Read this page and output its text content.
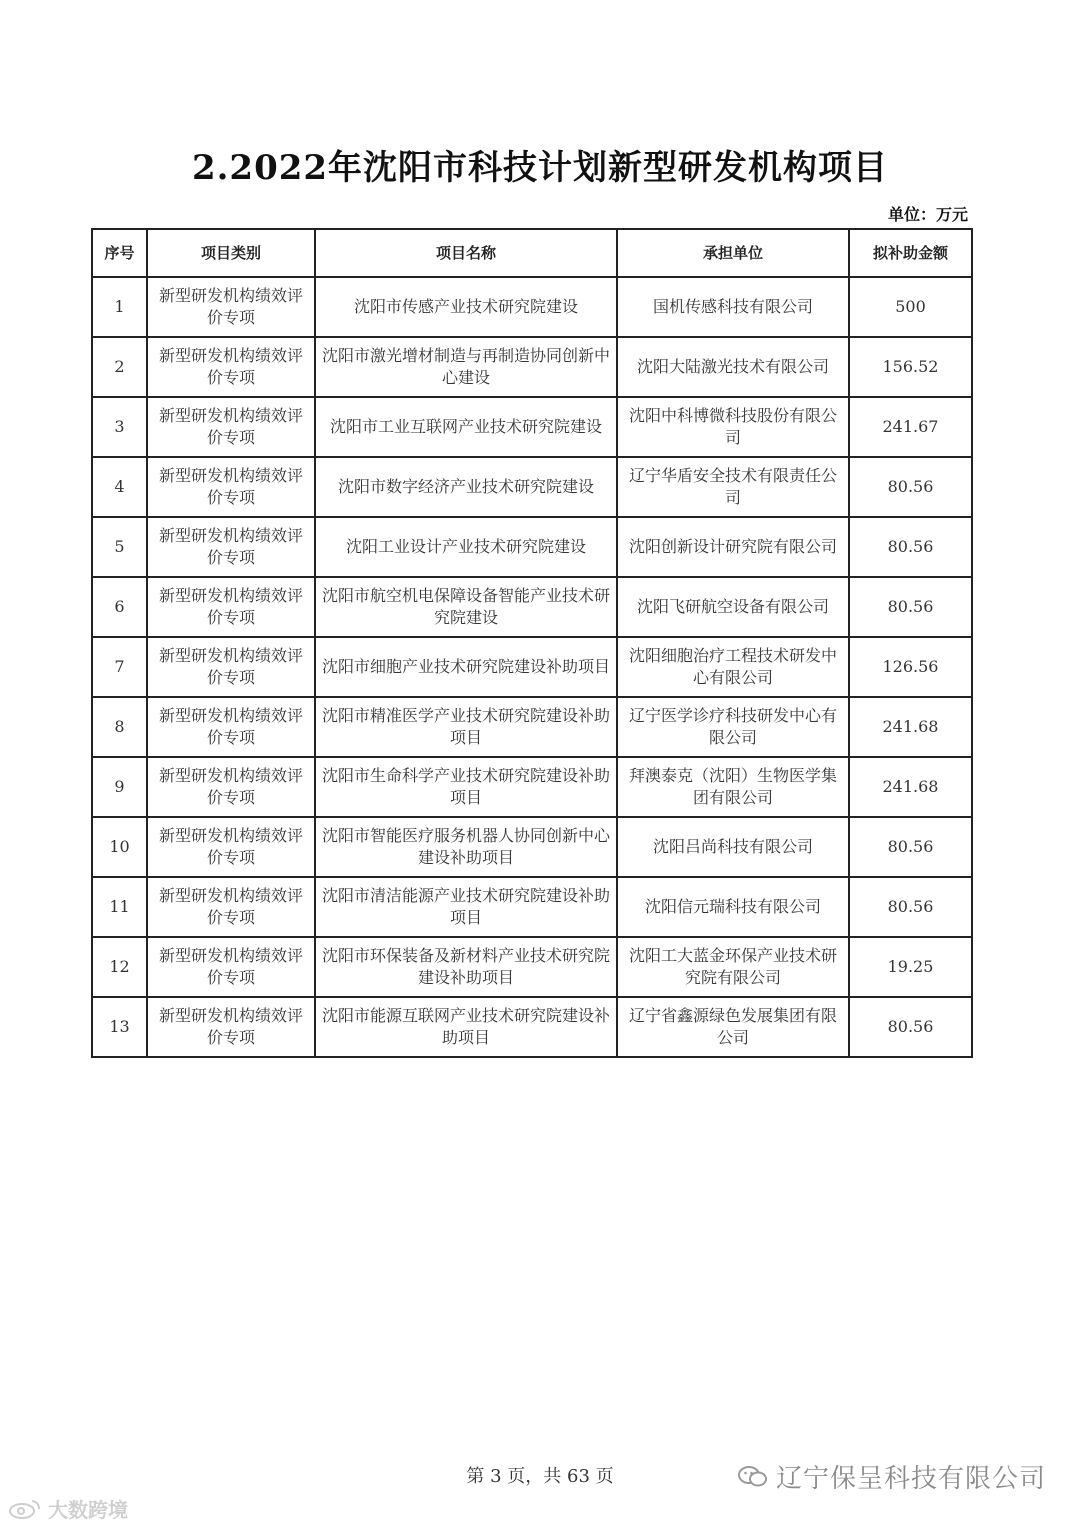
2.2022年沈阳市科技计划新型研发机构项目
单位：万元
序号	项目类别	项目名称	承担单位	拟补助金额
1	新型研发机构绩效评价专项	沈阳市传感产业技术研究院建设	国机传感科技有限公司	500
2	新型研发机构绩效评价专项	沈阳市激光增材制造与再制造协同创新中心建设	沈阳大陆激光技术有限公司	156.52
3	新型研发机构绩效评价专项	沈阳市工业互联网产业技术研究院建设	沈阳中科博微科技股份有限公司	241.67
4	新型研发机构绩效评价专项	沈阳市数字经济产业技术研究院建设	辽宁华盾安全技术有限责任公司	80.56
5	新型研发机构绩效评价专项	沈阳工业设计产业技术研究院建设	沈阳创新设计研究院有限公司	80.56
6	新型研发机构绩效评价专项	沈阳市航空机电保障设备智能产业技术研究院建设	沈阳飞研航空设备有限公司	80.56
7	新型研发机构绩效评价专项	沈阳市细胞产业技术研究院建设补助项目	沈阳细胞治疗工程技术研发中心有限公司	126.56
8	新型研发机构绩效评价专项	沈阳市精准医学产业技术研究院建设补助项目	辽宁医学诊疗科技研发中心有限公司	241.68
9	新型研发机构绩效评价专项	沈阳市生命科学产业技术研究院建设补助项目	拜澳泰克（沈阳）生物医学集团有限公司	241.68
10	新型研发机构绩效评价专项	沈阳市智能医疗服务机器人协同创新中心建设补助项目	沈阳吕尚科技有限公司	80.56
11	新型研发机构绩效评价专项	沈阳市清洁能源产业技术研究院建设补助项目	沈阳信元瑞科技有限公司	80.56
12	新型研发机构绩效评价专项	沈阳市环保装备及新材料产业技术研究院建设补助项目	沈阳工大蓝金环保产业技术研究院有限公司	19.25
13	新型研发机构绩效评价专项	沈阳市能源互联网产业技术研究院建设补助项目	辽宁省鑫源绿色发展集团有限公司	80.56
第 3 页，共 63 页	辽宁保呈科技有限公司
大数跨境
